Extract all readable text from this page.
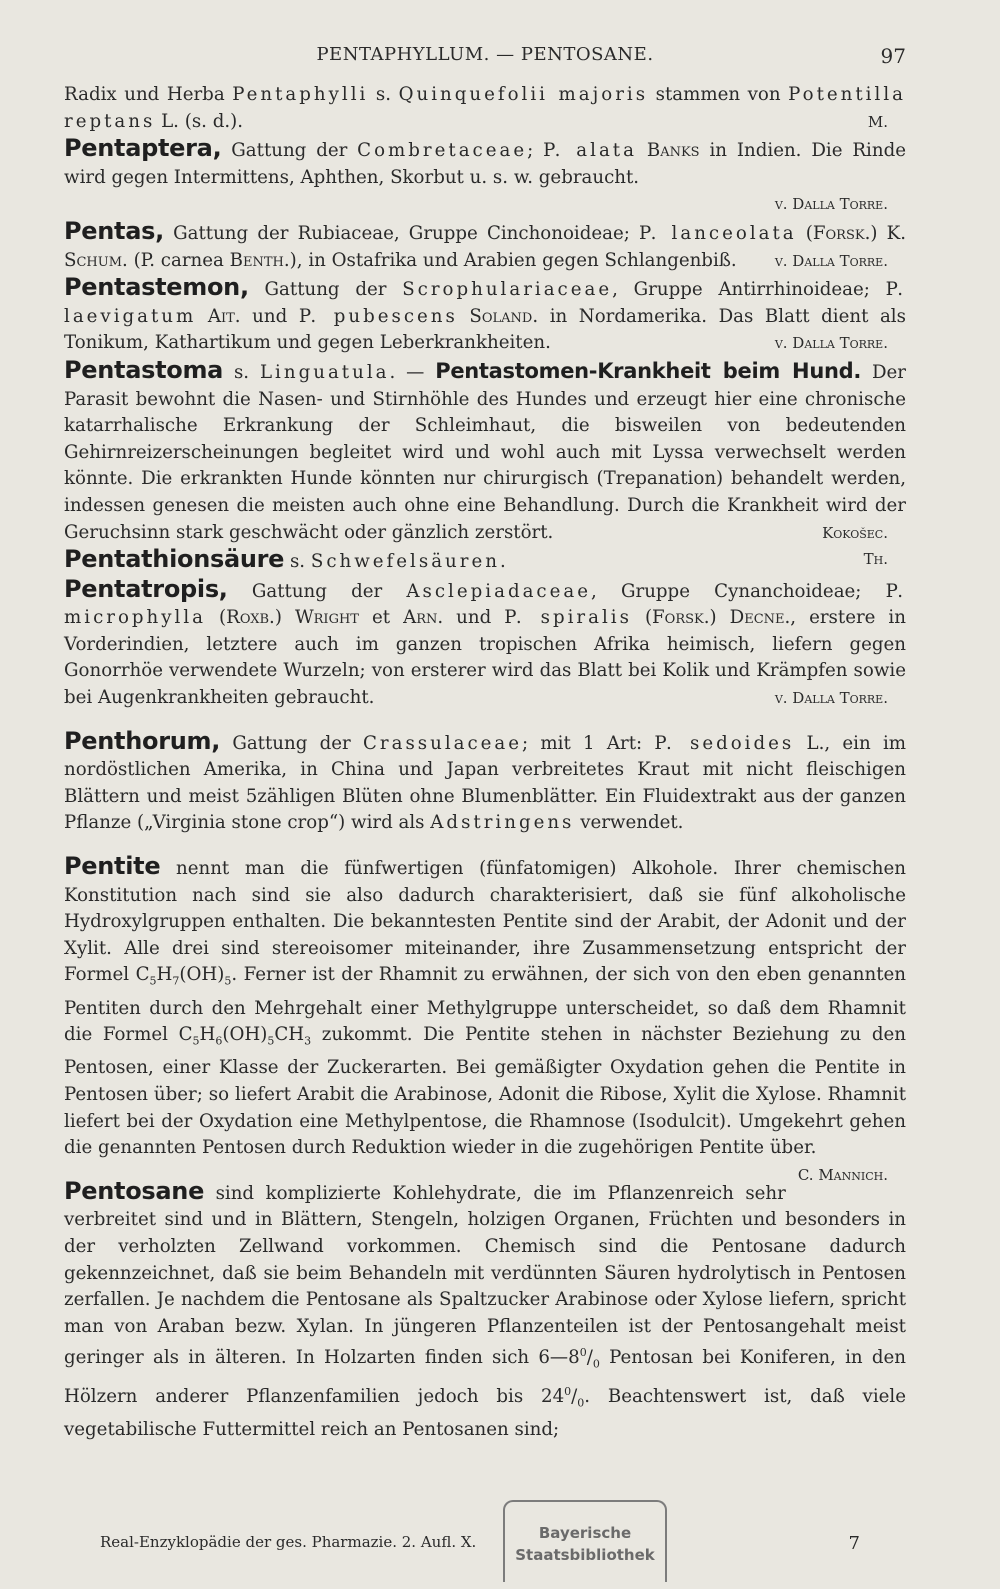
PENTAPHYLLUM. — PENTOSANE.	97

Radix und Herba Pentaphylli s. Quinquefolii majoris stammen von Potentilla reptans L. (s. d.).	M.

Pentaptera, Gattung der Combretaceae; P. alata Banks in Indien. Die Rinde wird gegen Intermittens, Aphthen, Skorbut u. s. w. gebraucht.
v. Dalla Torre.

Pentas, Gattung der Rubiaceae, Gruppe Cinchonoideae; P. lanceolata (Forsk.) K. Schum. (P. carnea Benth.), in Ostafrika und Arabien gegen Schlangenbiß.	v. Dalla Torre.

Pentastemon, Gattung der Scrophulariaceae, Gruppe Antirrhinoideae; P. laevigatum Ait. und P. pubescens Soland. in Nordamerika. Das Blatt dient als Tonikum, Kathartikum und gegen Leberkrankheiten.	v. Dalla Torre.

Pentastoma s. Linguatula. — Pentastomen-Krankheit beim Hund. Der Parasit bewohnt die Nasen- und Stirnhöhle des Hundes und erzeugt hier eine chronische katarrhalische Erkrankung der Schleimhaut, die bisweilen von bedeutenden Gehirnreizerscheinungen begleitet wird und wohl auch mit Lyssa verwechselt werden könnte. Die erkrankten Hunde könnten nur chirurgisch (Trepanation) behandelt werden, indessen genesen die meisten auch ohne eine Behandlung. Durch die Krankheit wird der Geruchsinn stark geschwächt oder gänzlich zerstört.	Kokošec.

Pentathionsäure s. Schwefelsäuren.	Th.

Pentatropis, Gattung der Asclepiadaceae, Gruppe Cynanchoideae; P. microphylla (Roxb.) Wright et Arn. und P. spiralis (Forsk.) Decne., erstere in Vorderindien, letztere auch im ganzen tropischen Afrika heimisch, liefern gegen Gonorrhöe verwendete Wurzeln; von ersterer wird das Blatt bei Kolik und Krämpfen sowie bei Augenkrankheiten gebraucht.	v. Dalla Torre.

Penthorum, Gattung der Crassulaceae; mit 1 Art: P. sedoides L., ein im nordöstlichen Amerika, in China und Japan verbreitetes Kraut mit nicht fleischigen Blättern und meist 5zähligen Blüten ohne Blumenblätter. Ein Fluidextrakt aus der ganzen Pflanze („Virginia stone crop“) wird als Adstringens verwendet.

Pentite nennt man die fünfwertigen (fünfatomigen) Alkohole. Ihrer chemischen Konstitution nach sind sie also dadurch charakterisiert, daß sie fünf alkoholische Hydroxylgruppen enthalten. Die bekanntesten Pentite sind der Arabit, der Adonit und der Xylit. Alle drei sind stereoisomer miteinander, ihre Zusammensetzung entspricht der Formel $C_5H_7(OH)_5$. Ferner ist der Rhamnit zu erwähnen, der sich von den eben genannten Pentiten durch den Mehrgehalt einer Methylgruppe unterscheidet, so daß dem Rhamnit die Formel $C_5H_6(OH)_5CH_3$ zukommt. Die Pentite stehen in nächster Beziehung zu den Pentosen, einer Klasse der Zuckerarten. Bei gemäßigter Oxydation gehen die Pentite in Pentosen über; so liefert Arabit die Arabinose, Adonit die Ribose, Xylit die Xylose. Rhamnit liefert bei der Oxydation eine Methylpentose, die Rhamnose (Isodulcit). Umgekehrt gehen die genannten Pentosen durch Reduktion wieder in die zugehörigen Pentite über.
C. Mannich.

Pentosane sind komplizierte Kohlehydrate, die im Pflanzenreich sehr verbreitet sind und in Blättern, Stengeln, holzigen Organen, Früchten und besonders in der verholzten Zellwand vorkommen. Chemisch sind die Pentosane dadurch gekennzeichnet, daß sie beim Behandeln mit verdünnten Säuren hydrolytisch in Pentosen zerfallen. Je nachdem die Pentosane als Spaltzucker Arabinose oder Xylose liefern, spricht man von Araban bezw. Xylan. In jüngeren Pflanzenteilen ist der Pentosangehalt meist geringer als in älteren. In Holzarten finden sich $6—8^0/_0$ Pentosan bei Koniferen, in den Hölzern anderer Pflanzenfamilien jedoch bis $24^0/_0$. Beachtenswert ist, daß viele vegetabilische Futtermittel reich an Pentosanen sind;

Real-Enzyklopädie der ges. Pharmazie. 2. Aufl. X.	7
Bayerische
Staatsbibliothek
